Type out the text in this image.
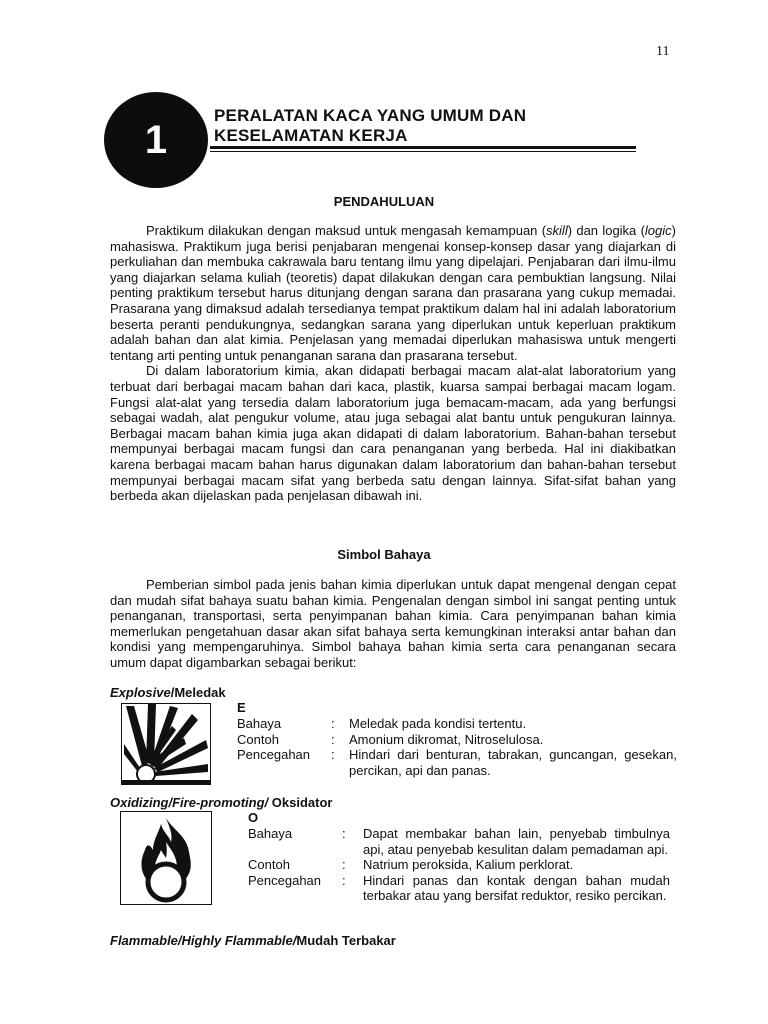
11
1
PERALATAN KACA YANG UMUM DAN
KESELAMATAN KERJA
PENDAHULUAN

Praktikum dilakukan dengan maksud untuk mengasah kemampuan (skill) dan logika (logic) mahasiswa. Praktikum juga berisi penjabaran mengenai konsep-konsep dasar yang diajarkan di perkuliahan dan membuka cakrawala baru tentang ilmu yang dipelajari. Penjabaran dari ilmu-ilmu yang diajarkan selama kuliah (teoretis) dapat dilakukan dengan cara pembuktian langsung. Nilai penting praktikum tersebut harus ditunjang dengan sarana dan prasarana yang cukup memadai. Prasarana yang dimaksud adalah tersedianya tempat praktikum dalam hal ini adalah laboratorium beserta peranti pendukungnya, sedangkan sarana yang diperlukan untuk keperluan praktikum adalah bahan dan alat kimia. Penjelasan yang memadai diperlukan mahasiswa untuk mengerti tentang arti penting untuk penanganan sarana dan prasarana tersebut.

Di dalam laboratorium kimia, akan didapati berbagai macam alat-alat laboratorium yang terbuat dari berbagai macam bahan dari kaca, plastik, kuarsa sampai berbagai macam logam. Fungsi alat-alat yang tersedia dalam laboratorium juga bemacam-macam, ada yang berfungsi sebagai wadah, alat pengukur volume, atau juga sebagai alat bantu untuk pengukuran lainnya. Berbagai macam bahan kimia juga akan didapati di dalam laboratorium. Bahan-bahan tersebut mempunyai berbagai macam fungsi dan cara penanganan yang berbeda. Hal ini diakibatkan karena berbagai macam bahan harus digunakan dalam laboratorium dan bahan-bahan tersebut mempunyai berbagai macam sifat yang berbeda satu dengan lainnya. Sifat-sifat bahan yang berbeda akan dijelaskan pada penjelasan dibawah ini.

Simbol Bahaya

Pemberian simbol pada jenis bahan kimia diperlukan untuk dapat mengenal dengan cepat dan mudah sifat bahaya suatu bahan kimia. Pengenalan dengan simbol ini sangat penting untuk penanganan, transportasi, serta penyimpanan bahan kimia. Cara penyimpanan bahan kimia memerlukan pengetahuan dasar akan sifat bahaya serta kemungkinan interaksi antar bahan dan kondisi yang mempengaruhinya. Simbol bahaya bahan kimia serta cara penanganan secara umum dapat digambarkan sebagai berikut:

Explosive/Meledak
E
Bahaya	:	Meledak pada kondisi tertentu.
Contoh	:	Amonium dikromat, Nitroselulosa.
Pencegahan	:	Hindari dari benturan, tabrakan, guncangan, gesekan, percikan, api dan panas.
Oxidizing/Fire-promoting/ Oksidator
O
Bahaya	:	Dapat membakar bahan lain, penyebab timbulnya api, atau penyebab kesulitan dalam pemadaman api.
Contoh	:	Natrium peroksida, Kalium perklorat.
Pencegahan	:	Hindari panas dan kontak dengan bahan mudah terbakar atau yang bersifat reduktor, resiko percikan.
Flammable/Highly Flammable/Mudah Terbakar
